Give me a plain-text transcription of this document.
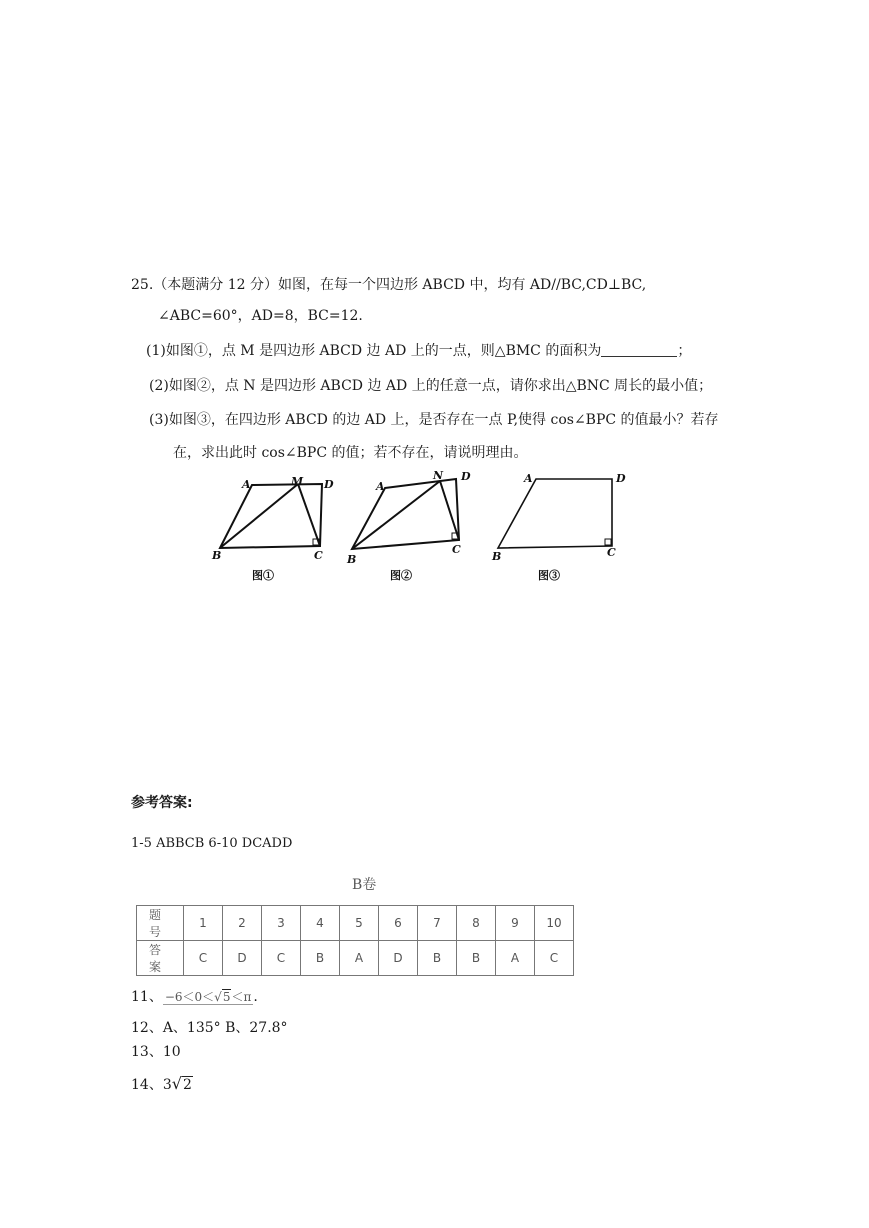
25.（本题满分 12 分）如图，在每一个四边形 ABCD 中，均有 AD//BC,CD⊥BC,
∠ABC=60°，AD=8，BC=12.
(1)如图①，点 M 是四边形 ABCD 边 AD 上的一点，则△BMC 的面积为	；
(2)如图②，点 N 是四边形 ABCD 边 AD 上的任意一点，请你求出△BNC 周长的最小值；
(3)如图③，在四边形 ABCD 的边 AD 上，是否存在一点 P,使得 cos∠BPC 的值最小？若存
在，求出此时 cos∠BPC 的值；若不存在，请说明理由。
A	M D
B	C
A
N D
B
C
A	D
B	C
图①	图②	图③
参考答案:
1-5 ABBCB 6-10 DCADD
B卷
题 号	1	2	3	4	5	6	7	8	9	10
答 案	C	D	C	B	A	D	B	B	A	C
11、 −6＜0＜√5＜π .
12、A、135° B、27.8°
13、10
14、3√2
